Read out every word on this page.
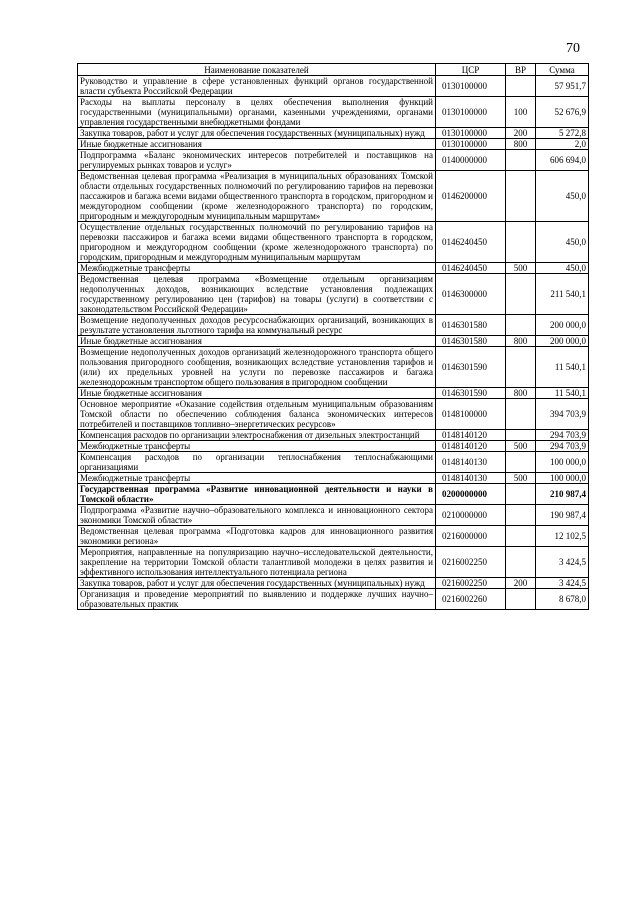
70
Наименование показателей	ЦСР	ВР	Сумма
Руководство и управление в сфере установленных функций органов государственной власти субъекта Российской Федерации	0130100000		57 951,7
Расходы на выплаты персоналу в целях обеспечения выполнения функций государственными (муниципальными) органами, казенными учреждениями, органами управления государственными внебюджетными фондами	0130100000	100	52 676,9
Закупка товаров, работ и услуг для обеспечения государственных (муниципальных) нужд	0130100000	200	5 272,8
Иные бюджетные ассигнования	0130100000	800	2,0
Подпрограмма «Баланс экономических интересов потребителей и поставщиков на регулируемых рынках товаров и услуг»	0140000000		606 694,0
Ведомственная целевая программа «Реализация в муниципальных образованиях Томской области отдельных государственных полномочий по регулированию тарифов на перевозки пассажиров и багажа всеми видами общественного транспорта в городском, пригородном и междугородном сообщении (кроме железнодорожного транспорта) по городским, пригородным и междугородным муниципальным маршрутам»	0146200000		450,0
Осуществление отдельных государственных полномочий по регулированию тарифов на перевозки пассажиров и багажа всеми видами общественного транспорта в городском, пригородном и междугородном сообщении (кроме железнодорожного транспорта) по городским, пригородным и междугородным муниципальным маршрутам	0146240450		450,0
Межбюджетные трансферты	0146240450	500	450,0
Ведомственная целевая программа «Возмещение отдельным организациям недополученных доходов, возникающих вследствие установления подлежащих государственному регулированию цен (тарифов) на товары (услуги) в соответствии с законодательством Российской Федерации»	0146300000		211 540,1
Возмещение недополученных доходов ресурсоснабжающих организаций, возникающих в результате установления льготного тарифа на коммунальный ресурс	0146301580		200 000,0
Иные бюджетные ассигнования	0146301580	800	200 000,0
Возмещение недополученных доходов организаций железнодорожного транспорта общего пользования пригородного сообщения, возникающих вследствие установления тарифов и (или) их предельных уровней на услуги по перевозке пассажиров и багажа железнодорожным транспортом общего пользования в пригородном сообщении	0146301590		11 540,1
Иные бюджетные ассигнования	0146301590	800	11 540,1
Основное мероприятие «Оказание содействия отдельным муниципальным образованиям Томской области по обеспечению соблюдения баланса экономических интересов потребителей и поставщиков топливно–энергетических ресурсов»	0148100000		394 703,9
Компенсация расходов по организации электроснабжения от дизельных электростанций	0148140120		294 703,9
Межбюджетные трансферты	0148140120	500	294 703,9
Компенсация расходов по организации теплоснабжения теплоснабжающими организациями	0148140130		100 000,0
Межбюджетные трансферты	0148140130	500	100 000,0
Государственная программа «Развитие инновационной деятельности и науки в Томской области»	0200000000		210 987,4
Подпрограмма «Развитие научно–образовательного комплекса и инновационного сектора экономики Томской области»	0210000000		190 987,4
Ведомственная целевая программа «Подготовка кадров для инновационного развития экономики региона»	0216000000		12 102,5
Мероприятия, направленные на популяризацию научно–исследовательской деятельности, закрепление на территории Томской области талантливой молодежи в целях развития и эффективного использования интеллектуального потенциала региона	0216002250		3 424,5
Закупка товаров, работ и услуг для обеспечения государственных (муниципальных) нужд	0216002250	200	3 424,5
Организация и проведение мероприятий по выявлению и поддержке лучших научно–образовательных практик	0216002260		8 678,0
